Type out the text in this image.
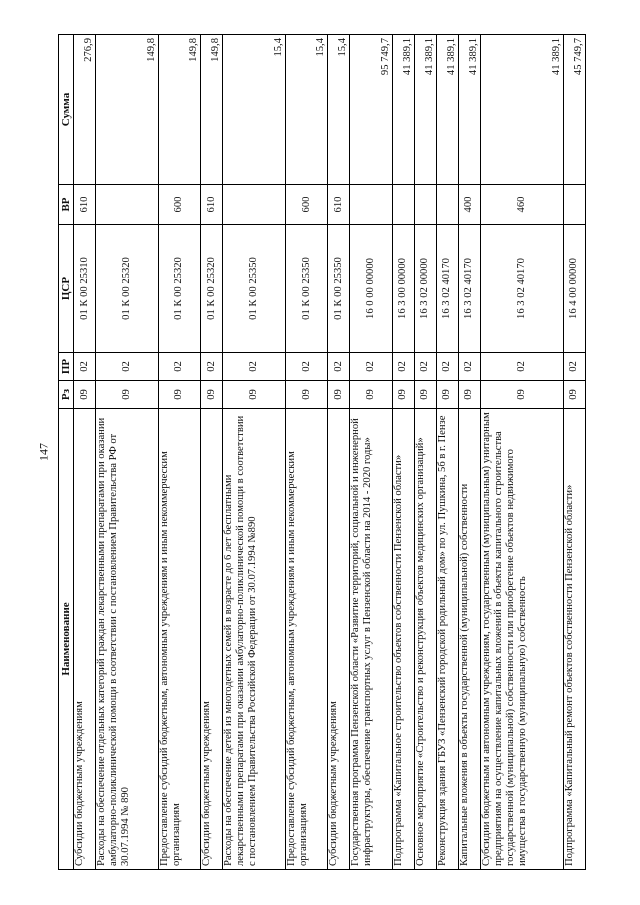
147
Наименование	Рз	ПР	ЦСР	ВР	Сумма
Субсидии бюджетным учреждениям	09	02	01 К 00 25310	610	276,9
Расходы на обеспечение отдельных категорий граждан лекарственными препаратами при оказании амбулаторно-поликлинической помощи в соответствии с постановлением Правительства РФ от 30.07.1994 № 890	09	02	01 К 00 25320		149,8
Предоставление субсидий бюджетным, автономным учреждениям и иным некоммерческим организациям	09	02	01 К 00 25320	600	149,8
Субсидии бюджетным учреждениям	09	02	01 К 00 25320	610	149,8
Расходы на обеспечение детей из многодетных семей в возрасте до 6 лет бесплатными лекарственными препаратами при оказании амбулаторно-поликлинической помощи в соответствии с постановлением Правительства Российской Федерации от 30.07.1994 №890	09	02	01 К 00 25350		15,4
Предоставление субсидий бюджетным, автономным учреждениям и иным некоммерческим организациям	09	02	01 К 00 25350	600	15,4
Субсидии бюджетным учреждениям	09	02	01 К 00 25350	610	15,4
Государственная программа Пензенской области «Развитие территорий, социальной и инженерной инфраструктуры, обеспечение транспортных услуг в Пензенской области на 2014 - 2020 годы»	09	02	16 0 00 00000		95 749,7
Подпрограмма «Капитальное строительство объектов собственности Пензенской области»	09	02	16 3 00 00000		41 389,1
Основное мероприятие «Строительство и реконструкция объектов медицинских организаций»	09	02	16 3 02 00000		41 389,1
Реконструкция здания ГБУЗ «Пензенский городской родильный дом» по ул. Пушкина, 5б в г. Пензе	09	02	16 3 02 40170		41 389,1
Капитальные вложения в объекты государственной (муниципальной) собственности	09	02	16 3 02 40170	400	41 389,1
Субсидии бюджетным и автономным учреждениям, государственным (муниципальным) унитарным предприятиям на осуществление капитальных вложений в объекты капитального строительства государственной (муниципальной) собственности или приобретение объектов недвижимого имущества в государственную (муниципальную) собственность	09	02	16 3 02 40170	460	41 389,1
Подпрограмма «Капитальный ремонт объектов собственности Пензенской области»	09	02	16 4 00 00000		45 749,7
